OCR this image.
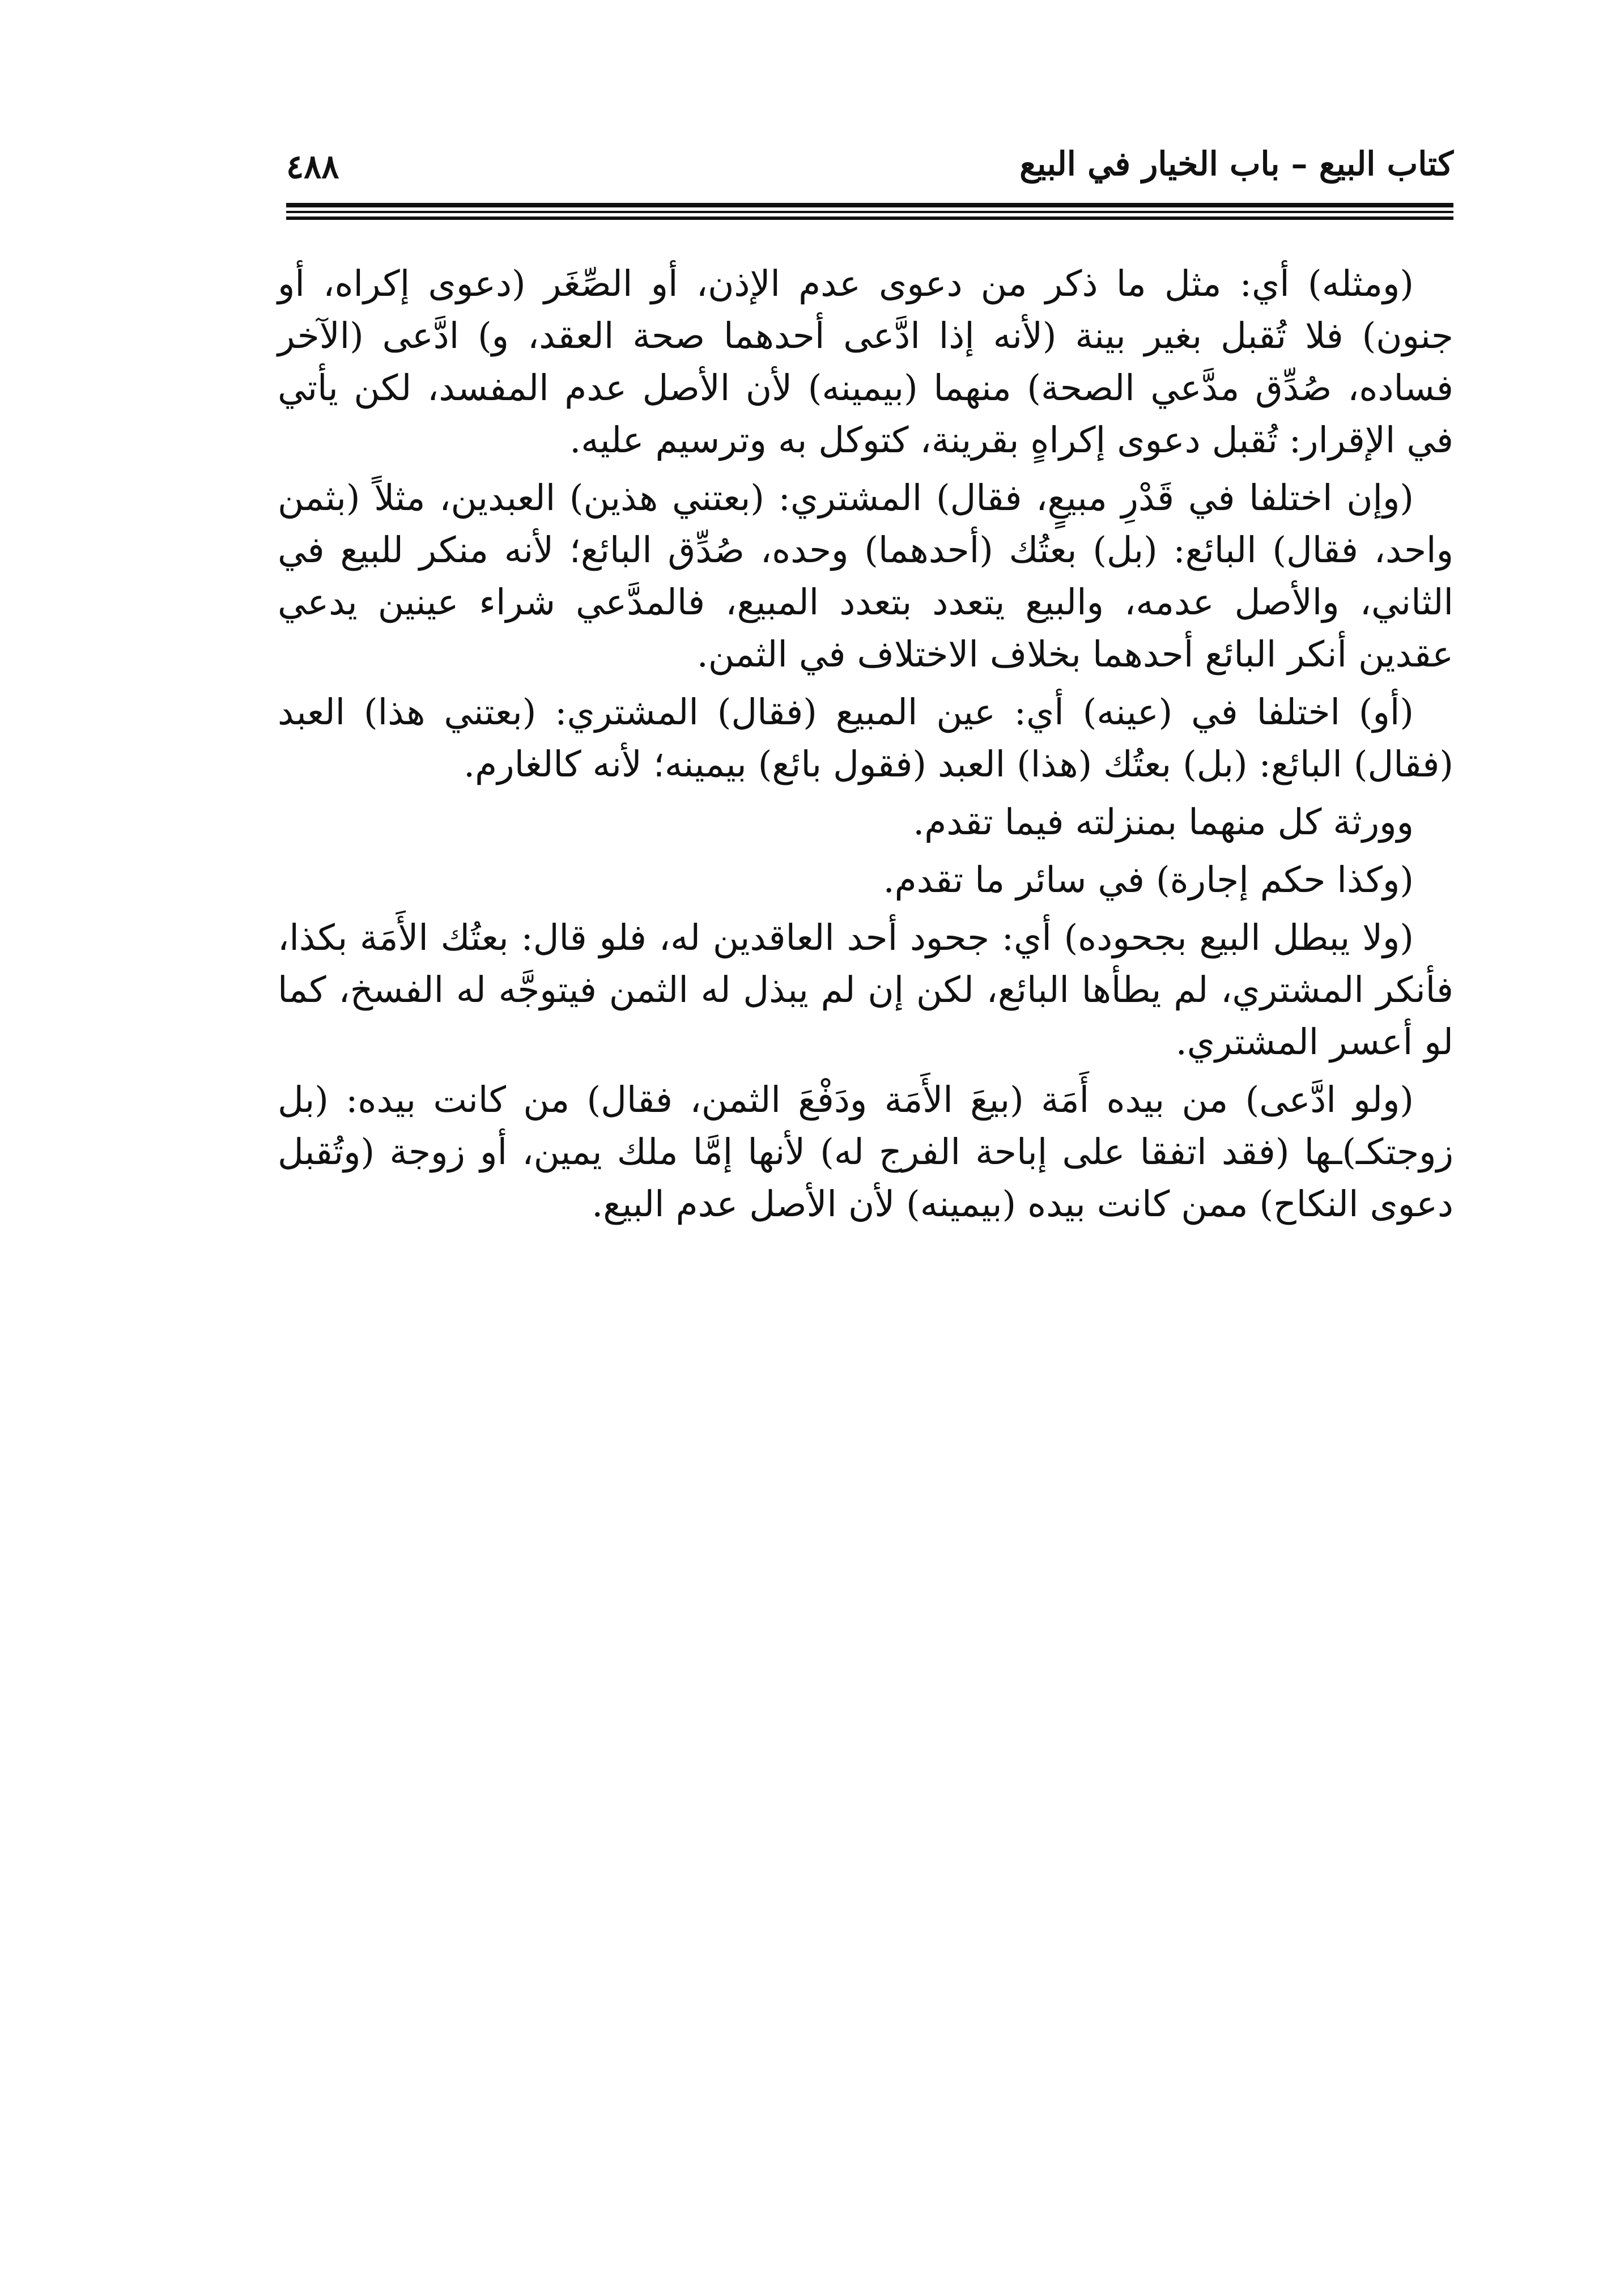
كتاب البيع – باب الخيار في البيع
٤٨٨

(ومثله) أي: مثل ما ذكر من دعوى عدم الإذن، أو الصِّغَر (دعوى إكراه، أو جنون) فلا تُقبل بغير بينة (لأنه إذا ادَّعى أحدهما صحة العقد، و) ادَّعى (الآخر فساده، صُدِّق مدَّعي الصحة) منهما (بيمينه) لأن الأصل عدم المفسد، لكن يأتي في الإقرار: تُقبل دعوى إكراهٍ بقرينة، كتوكل به وترسيم عليه.

(وإن اختلفا في قَدْرِ مبيعٍ، فقال) المشتري: (بعتني هذين) العبدين، مثلاً (بثمن واحد، فقال) البائع: (بل) بعتُك (أحدهما) وحده، صُدِّق البائع؛ لأنه منكر للبيع في الثاني، والأصل عدمه، والبيع يتعدد بتعدد المبيع، فالمدَّعي شراء عينين يدعي عقدين أنكر البائع أحدهما بخلاف الاختلاف في الثمن.

(أو) اختلفا في (عينه) أي: عين المبيع (فقال) المشتري: (بعتني هذا) العبد (فقال) البائع: (بل) بعتُك (هذا) العبد (فقول بائع) بيمينه؛ لأنه كالغارم.

وورثة كل منهما بمنزلته فيما تقدم.

(وكذا حكم إجارة) في سائر ما تقدم.

(ولا يبطل البيع بجحوده) أي: جحود أحد العاقدين له، فلو قال: بعتُك الأَمَة بكذا، فأنكر المشتري، لم يطأها البائع، لكن إن لم يبذل له الثمن فيتوجَّه له الفسخ، كما لو أعسر المشتري.

(ولو ادَّعى) من بيده أَمَة (بيعَ الأَمَة ودَفْعَ الثمن، فقال) من كانت بيده: (بل زوجتكـ)ـها (فقد اتفقا على إباحة الفرج له) لأنها إمَّا ملك يمين، أو زوجة (وتُقبل دعوى النكاح) ممن كانت بيده (بيمينه) لأن الأصل عدم البيع.
